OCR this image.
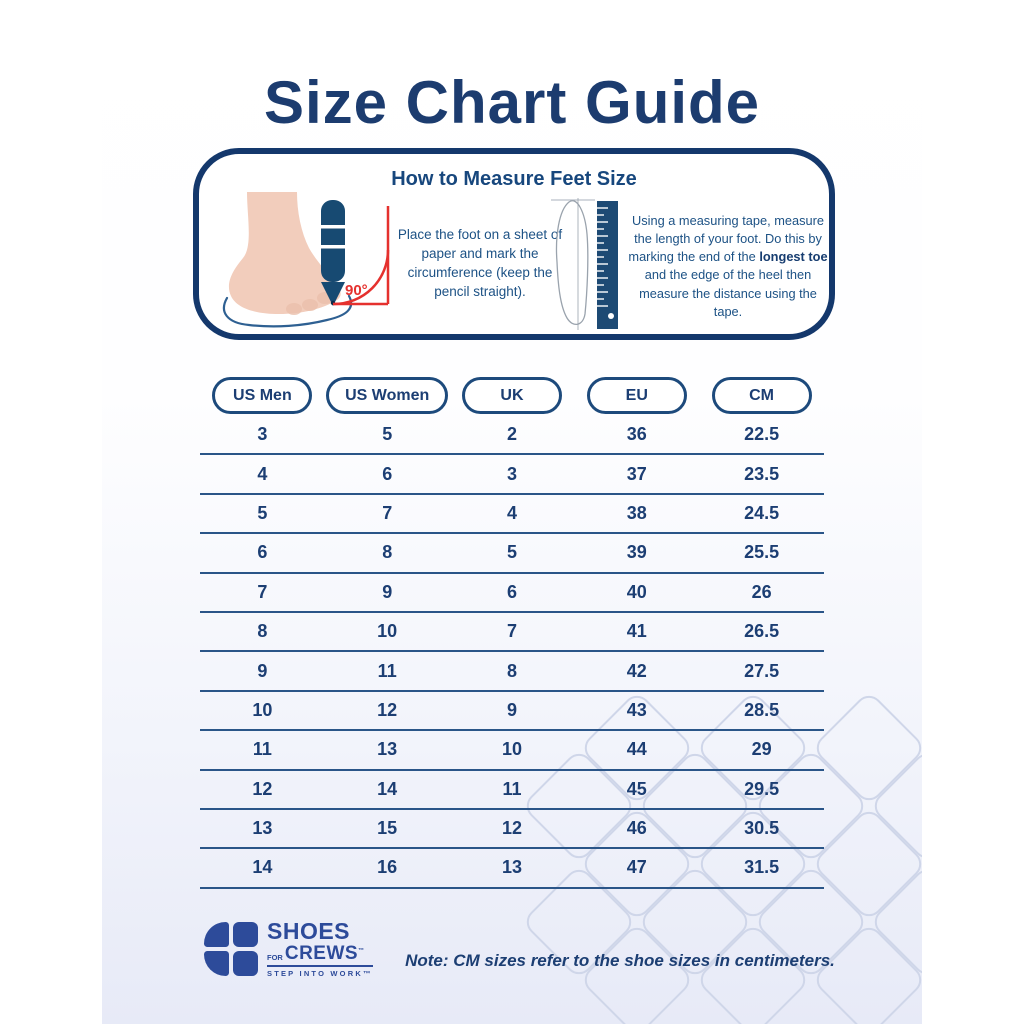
Size Chart Guide
How to Measure Feet Size
90°
Place the foot on a sheet of paper and mark the circumference (keep the pencil straight).
Using a measuring tape, measure the length of your foot. Do this by marking the end of the longest toe and the edge of the heel then measure the distance using the tape.
US Men	US Women	UK	EU	CM
3	5	2	36	22.5
4	6	3	37	23.5
5	7	4	38	24.5
6	8	5	39	25.5
7	9	6	40	26
8	10	7	41	26.5
9	11	8	42	27.5
10	12	9	43	28.5
11	13	10	44	29
12	14	11	45	29.5
13	15	12	46	30.5
14	16	13	47	31.5
SHOES
FOR CREWS ™
STEP INTO WORK™
Note: CM sizes refer to the shoe sizes in centimeters.
